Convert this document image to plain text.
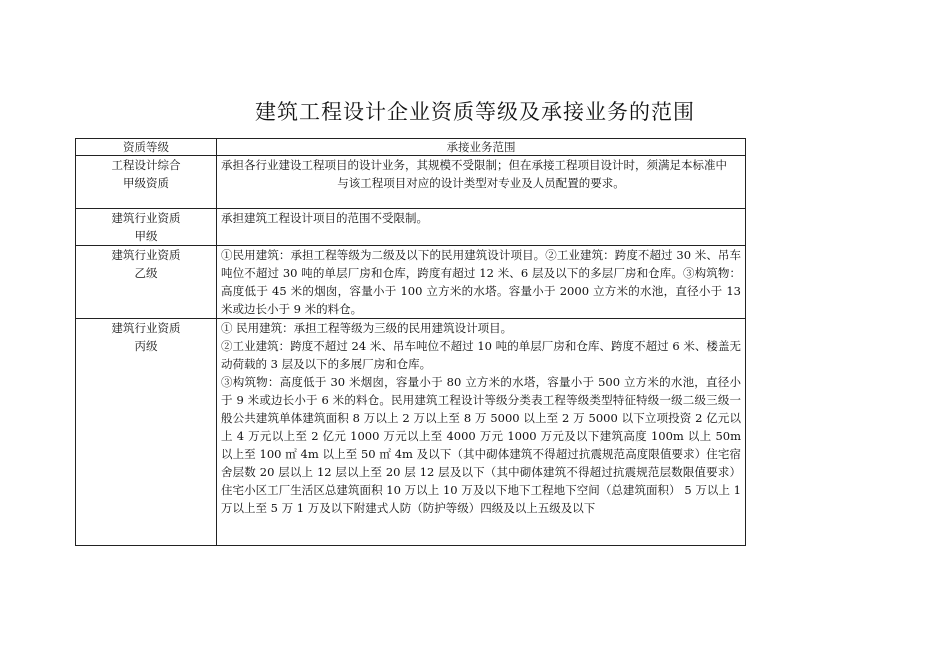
建筑工程设计企业资质等级及承接业务的范围
资质等级	承接业务范围

工程设计综合
甲级资质	承担各行业建设工程项目的设计业务，其规模不受限制；但在承接工程项目设计时，须满足本标准中
与该工程项目对应的设计类型对专业及人员配置的要求。

建筑行业资质
甲级	承担建筑工程设计项目的范围不受限制。

建筑行业资质
乙级	①民用建筑：承担工程等级为二级及以下的民用建筑设计项目。②工业建筑：跨度不超过 30 米、吊车吨位不超过 30 吨的单层厂房和仓库，跨度有超过 12 米、6 层及以下的多层厂房和仓库。③构筑物：高度低于 45 米的烟囱，容量小于 100 立方米的水塔。容量小于 2000 立方米的水池，直径小于 13 米或边长小于 9 米的料仓。

建筑行业资质
丙级	① 民用建筑：承担工程等级为三级的民用建筑设计项目。
②工业建筑：跨度不超过 24 米、吊车吨位不超过 10 吨的单层厂房和仓库、跨度不超过 6 米、楼盖无动荷载的 3 层及以下的多展厂房和仓库。
③构筑物：高度低于 30 米烟囱，容量小于 80 立方米的水塔，容量小于 500 立方米的水池，直径小于 9 米或边长小于 6 米的料仓。民用建筑工程设计等级分类表工程等级类型特征特级一级二级三级一般公共建筑单体建筑面积 8 万以上 2 万以上至 8 万 5000 以上至 2 万 5000 以下立项投资 2 亿元以上 4 万元以上至 2 亿元 1000 万元以上至 4000 万元 1000 万元及以下建筑高度 100m 以上 50m 以上至 100 ㎡ 4m 以上至 50 ㎡ 4m 及以下（其中砌体建筑不得超过抗震规范高度限值要求）住宅宿舍层数 20 层以上 12 层以上至 20 层 12 层及以下（其中砌体建筑不得超过抗震规范层数限值要求）住宅小区工厂生活区总建筑面积 10 万以上 10 万及以下地下工程地下空间（总建筑面积） 5 万以上 1 万以上至 5 万 1 万及以下附建式人防（防护等级）四级及以上五级及以下
